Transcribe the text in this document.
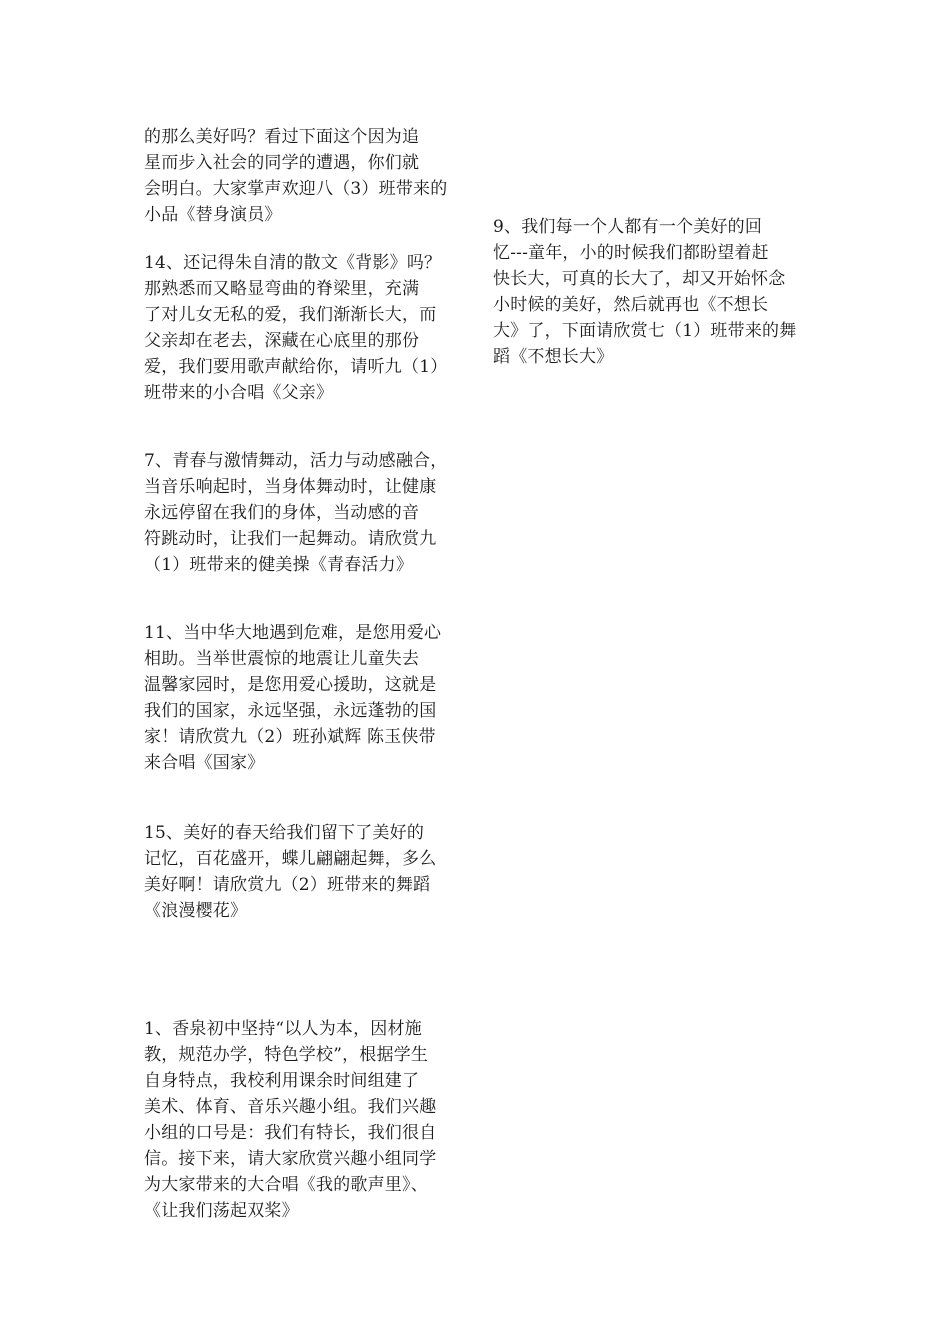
的那么美好吗？看过下面这个因为追
星而步入社会的同学的遭遇，你们就
会明白。大家掌声欢迎八（3）班带来的
小品《替身演员》

14、还记得朱自清的散文《背影》吗？
那熟悉而又略显弯曲的脊梁里，充满
了对儿女无私的爱，我们渐渐长大，而
父亲却在老去，深藏在心底里的那份
爱，我们要用歌声献给你，请听九（1）
班带来的小合唱《父亲》

7、青春与激情舞动，活力与动感融合，
当音乐响起时，当身体舞动时，让健康
永远停留在我们的身体，当动感的音
符跳动时，让我们一起舞动。请欣赏九
（1）班带来的健美操《青春活力》

11、当中华大地遇到危难，是您用爱心
相助。当举世震惊的地震让儿童失去
温馨家园时，是您用爱心援助，这就是
我们的国家，永远坚强，永远蓬勃的国
家！请欣赏九（2）班孙斌辉 陈玉侠带
来合唱《国家》

15、美好的春天给我们留下了美好的
记忆，百花盛开，蝶儿翩翩起舞，多么
美好啊！请欣赏九（2）班带来的舞蹈
《浪漫樱花》

1、香泉初中坚持“以人为本，因材施
教，规范办学，特色学校”，根据学生
自身特点，我校利用课余时间组建了
美术、体育、音乐兴趣小组。我们兴趣
小组的口号是：我们有特长，我们很自
信。接下来，请大家欣赏兴趣小组同学
为大家带来的大合唱《我的歌声里》、
《让我们荡起双桨》

9、我们每一个人都有一个美好的回
忆---童年，小的时候我们都盼望着赶
快长大，可真的长大了，却又开始怀念
小时候的美好，然后就再也《不想长
大》了，下面请欣赏七（1）班带来的舞
蹈《不想长大》
